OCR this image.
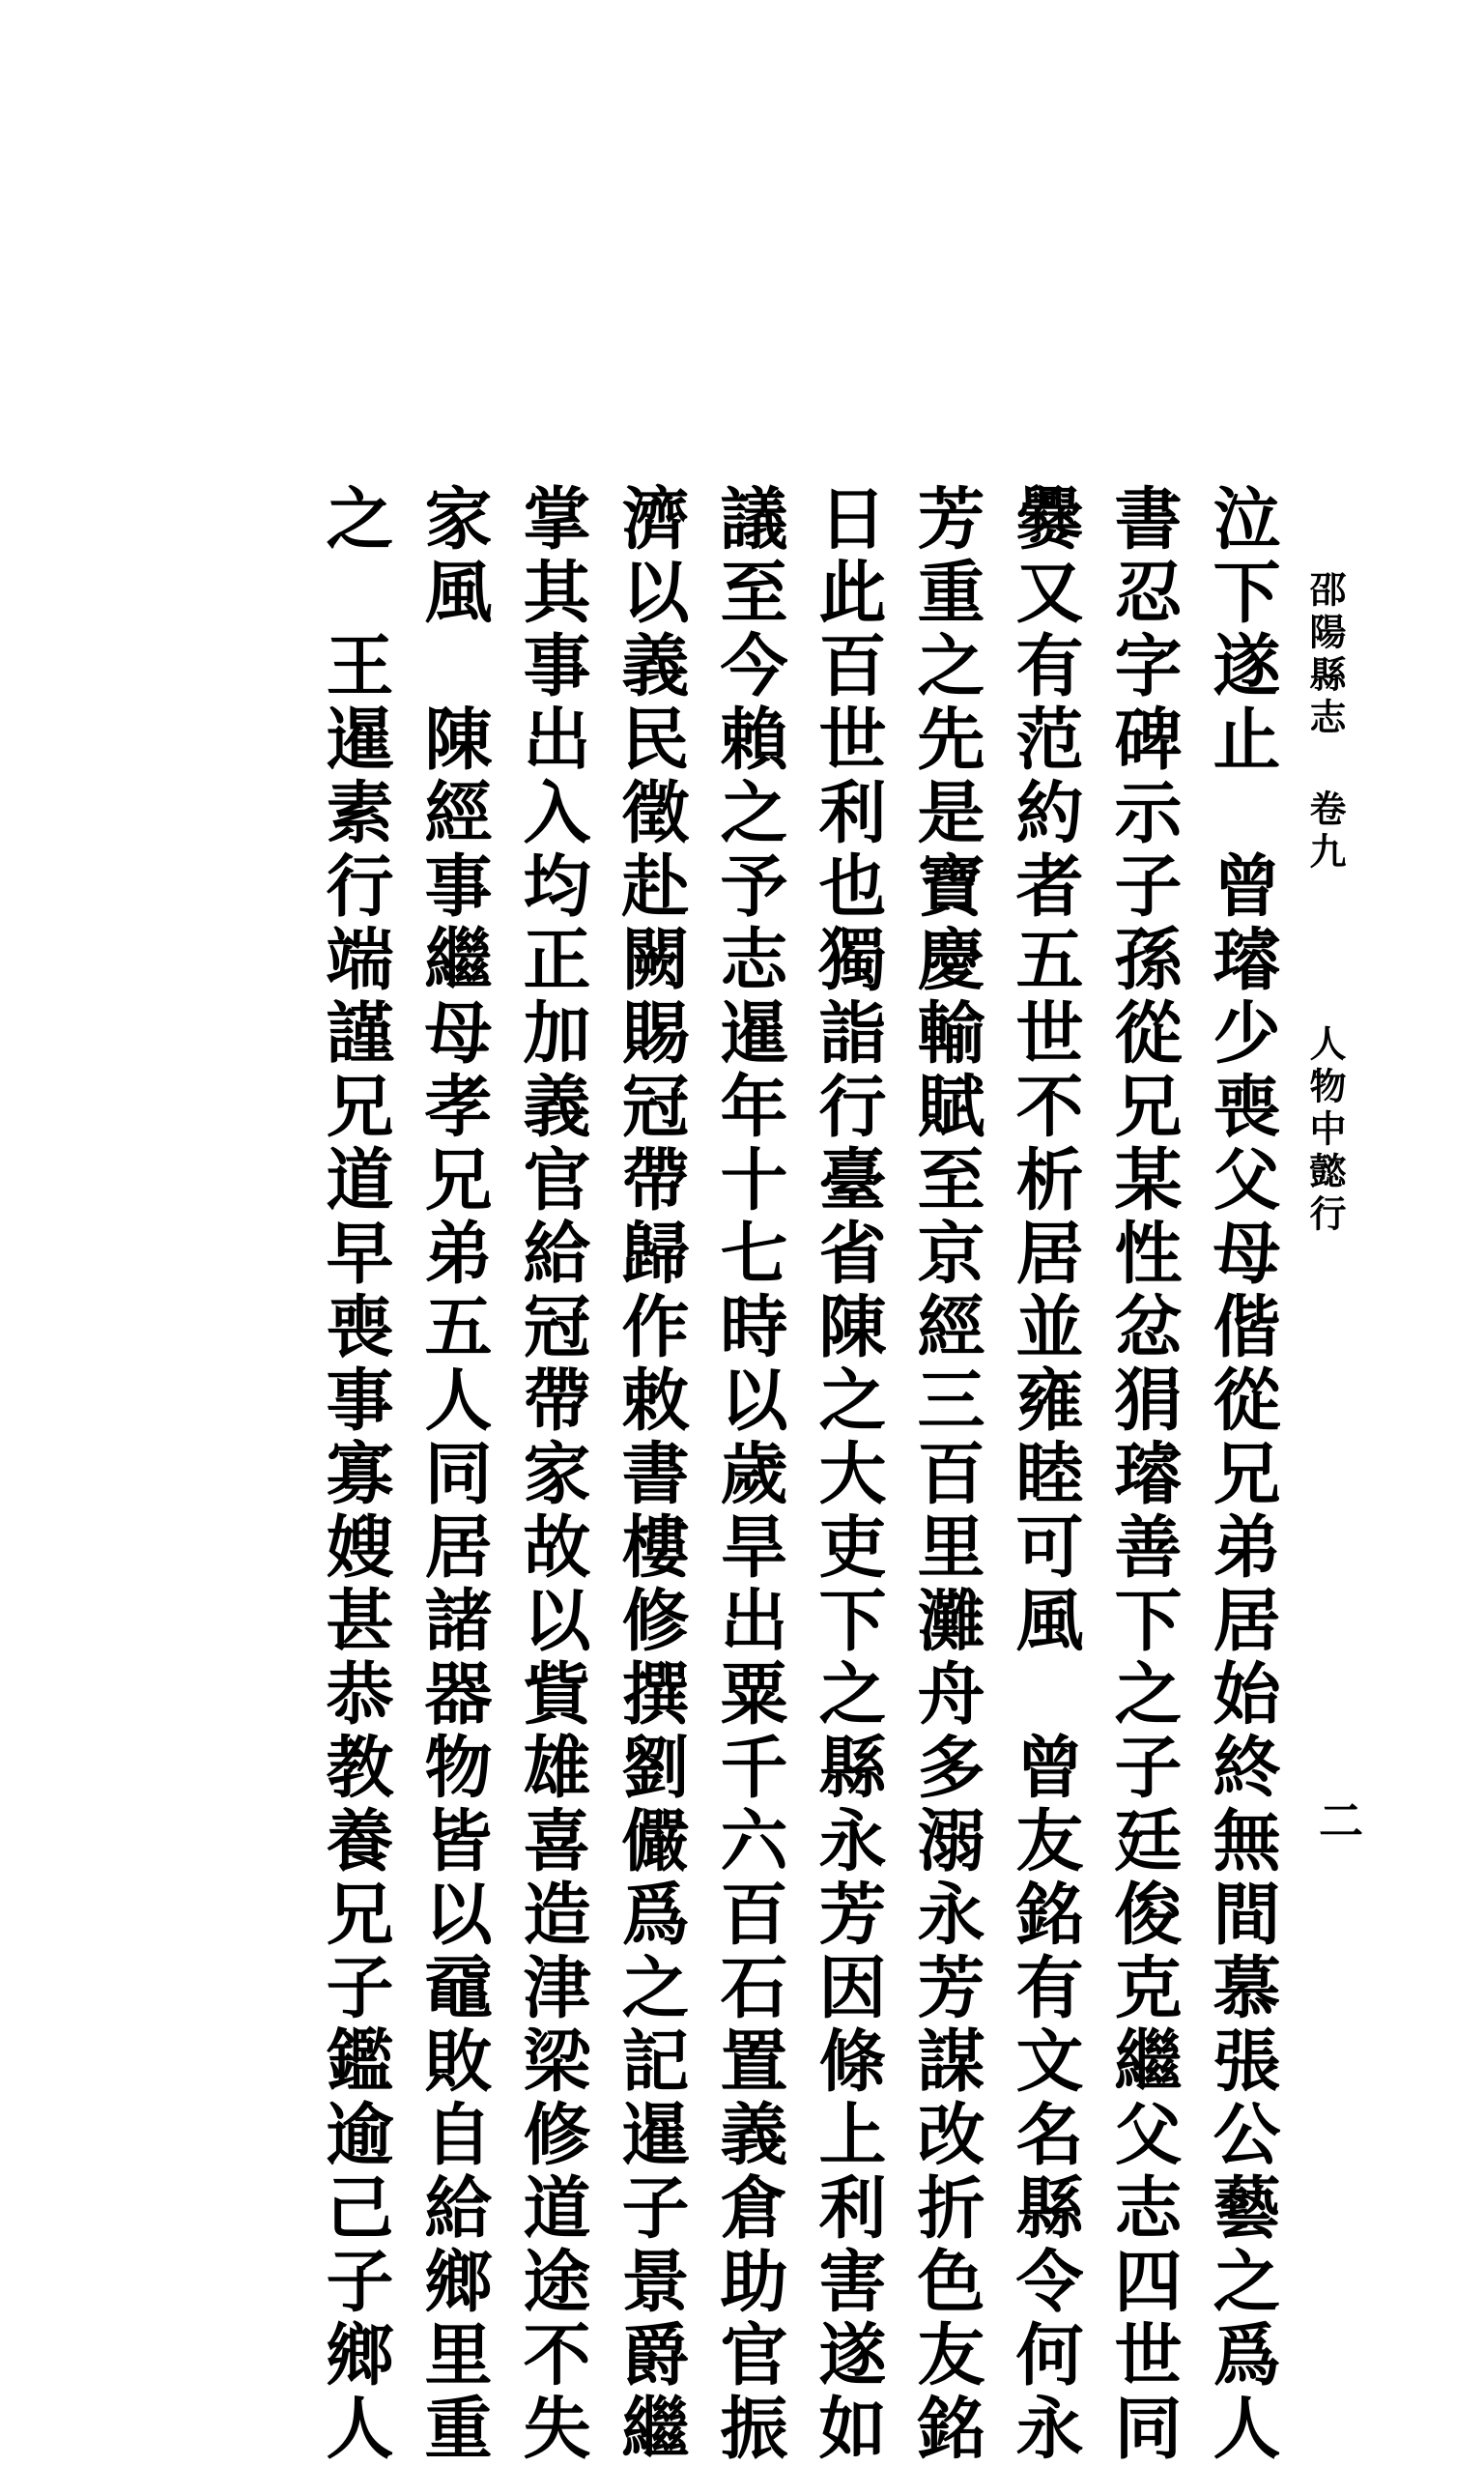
邵陽縣志 卷九
人物中懿行
二
泣下遂止　曾璿少喪父母偕從兄弟居始終無間慕張公藝之爲人
書忍字碑示子孫從兄某性忿狷璿善下之子廷俊克繼父志四世同
爨又有范約者五世不析居並雍睦可風　曾友銘有文名縣令何永
芳重之先是寶慶輸賦至京經三百里灘舟多溺永芳謀改折色友銘
日此百世利也獨詣行臺省陳之大吏下之縣永芳因條上利害遂如
議至今賴之予志暹年十七時以歲旱出粟千六百石置義倉助官振
濟以義民徵赴闕賜冠帶歸作敕書樓修撰劉儼爲之記暹子景爵繼
掌其事出入均正加義官給冠帶家故以貲雄喜造津梁修道途不失
家風　陳經事繼母孝兄弟五人同居諸器物皆以黿敗自給鄉里重
之　王暹素行端謹兄道早喪事寡嫂甚恭教養兄子鑑逾己子鄉人
